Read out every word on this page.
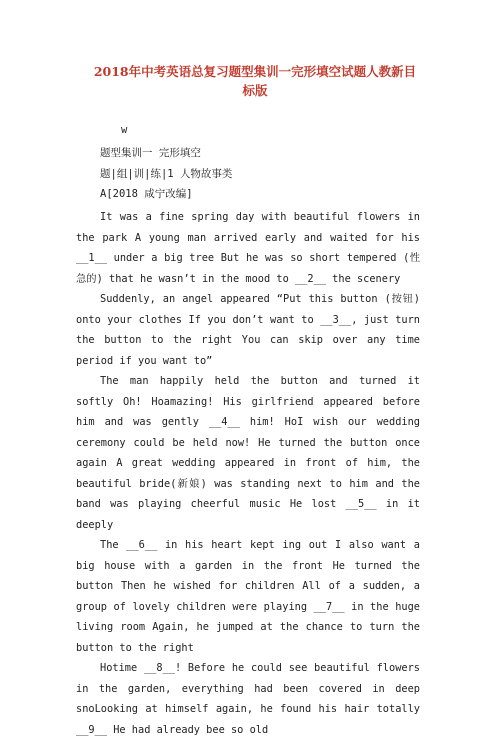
2018年中考英语总复习题型集训一完形填空试题人教新目标版
w
题型集训一 完形填空
题|组|训|练|1 人物故事类
A[2018 咸宁改编]

It was a fine spring day with beautiful flowers in the park A young man arrived early and waited for his __1__ under a big tree But he was so short tempered (性急的) that he wasn’t in the mood to __2__ the scenery

Suddenly, an angel appeared “Put this button (按钮) onto your clothes If you don’t want to __3__, just turn the button to the right You can skip over any time period if you want to”

The man happily held the button and turned it softly Oh! Hoamazing! His girlfriend appeared before him and was gently __4__ him! HoI wish our wedding ceremony could be held now! He turned the button once again A great wedding appeared in front of him, the beautiful bride(新娘) was standing next to him and the band was playing cheerful music He lost __5__ in it deeply

The __6__ in his heart kept ing out I also want a big house with a garden in the front He turned the button Then he wished for children All of a sudden, a group of lovely children were playing __7__ in the huge living room Again, he jumped at the chance to turn the button to the right

Hotime __8__! Before he could see beautiful flowers in the garden, everything had been covered in deep snoLooking at himself again, he found his hair totally __9__ He had already bee so old
